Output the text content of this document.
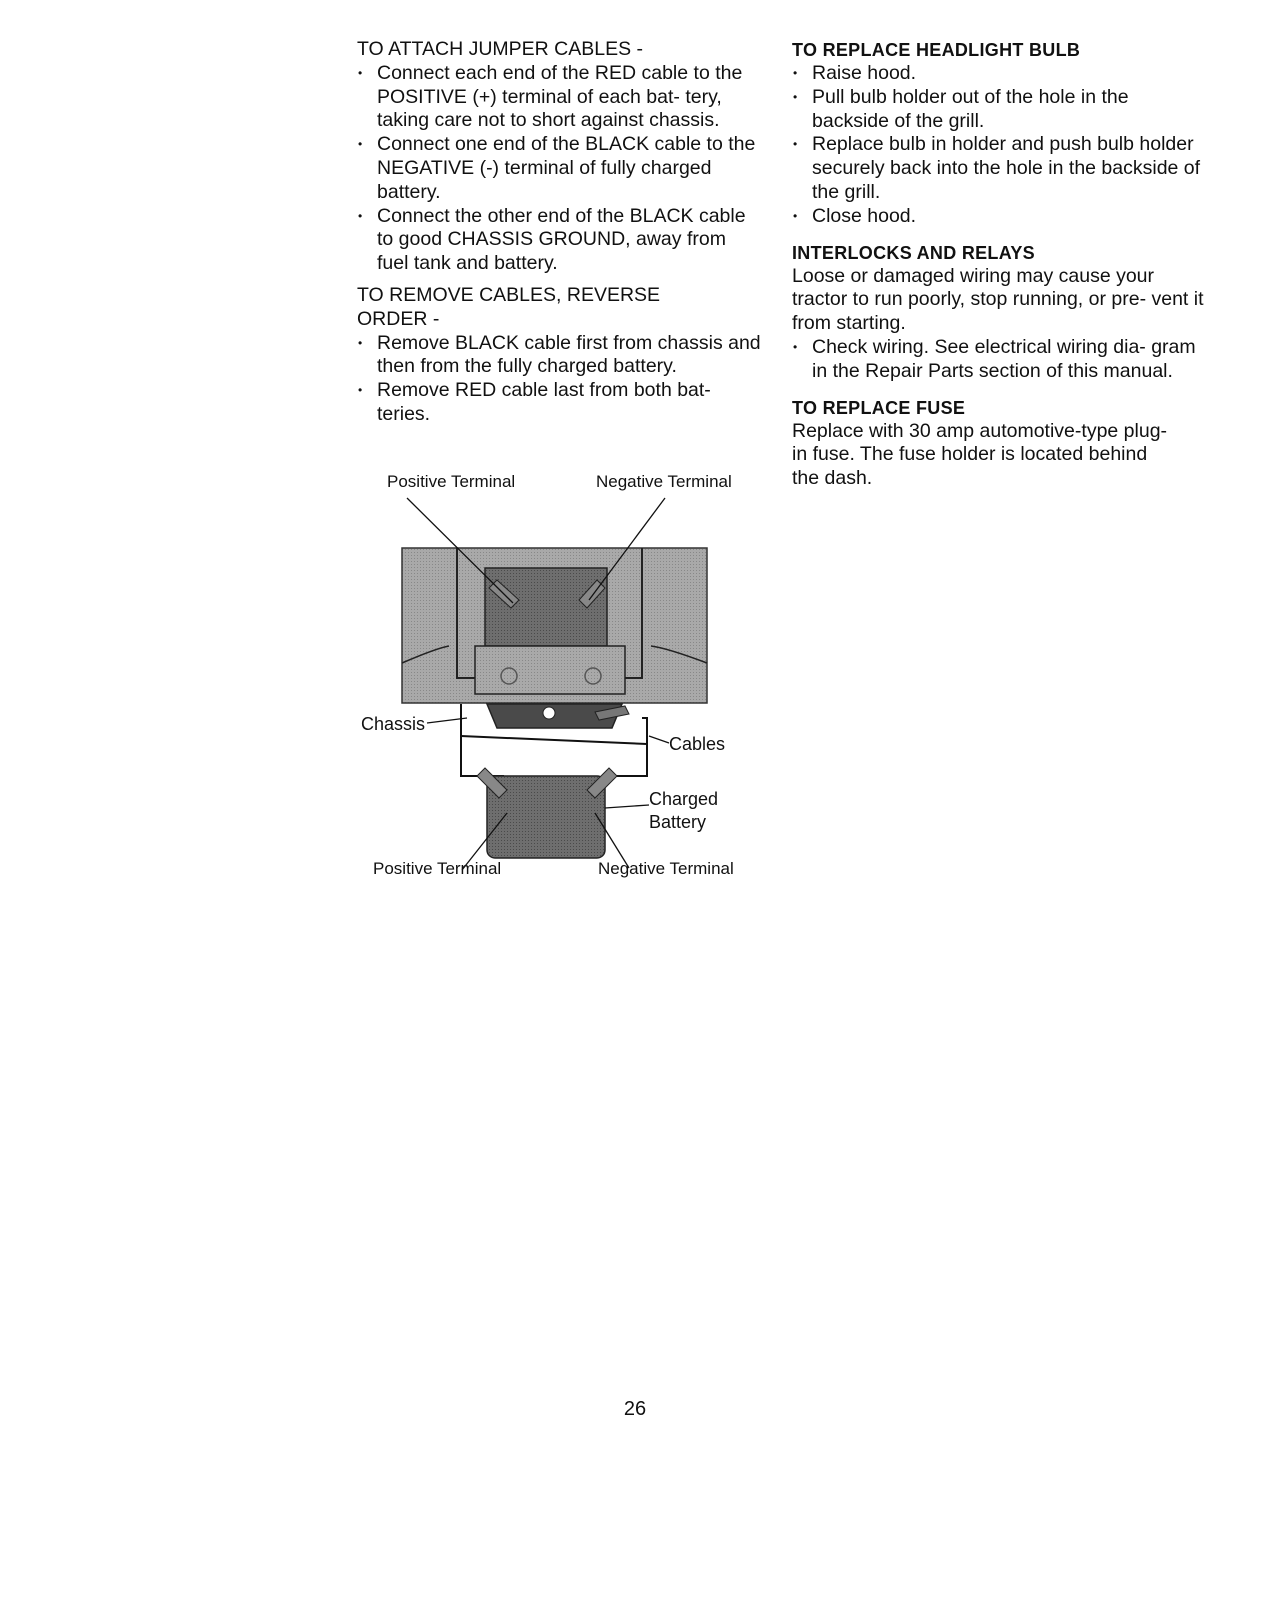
TO ATTACH JUMPER CABLES -
• Connect each end of the RED cable to the POSITIVE (+) terminal of each bat- tery, taking care not to short against chassis.
• Connect one end of the BLACK cable to the NEGATIVE (-) terminal of fully charged battery.
• Connect the other end of the BLACK cable to good CHASSIS GROUND, away from fuel tank and battery.
TO REMOVE CABLES, REVERSE ORDER -
• Remove BLACK cable first from chassis and then from the fully charged battery.
• Remove RED cable last from both bat- teries.
Positive Terminal	Negative Terminal
Chassis
Cables
Charged
Battery
Positive Terminal	Negative Terminal
TO REPLACE HEADLIGHT BULB
• Raise hood.
• Pull bulb holder out of the hole in the backside of the grill.
• Replace bulb in holder and push bulb holder securely back into the hole in the backside of the grill.
• Close hood.
INTERLOCKS AND RELAYS

Loose or damaged wiring may cause your tractor to run poorly, stop running, or pre- vent it from starting.

• Check wiring. See electrical wiring dia- gram in the Repair Parts section of this manual.
TO REPLACE FUSE

Replace with 30 amp automotive-type plug-in fuse. The fuse holder is located behind the dash.

26
